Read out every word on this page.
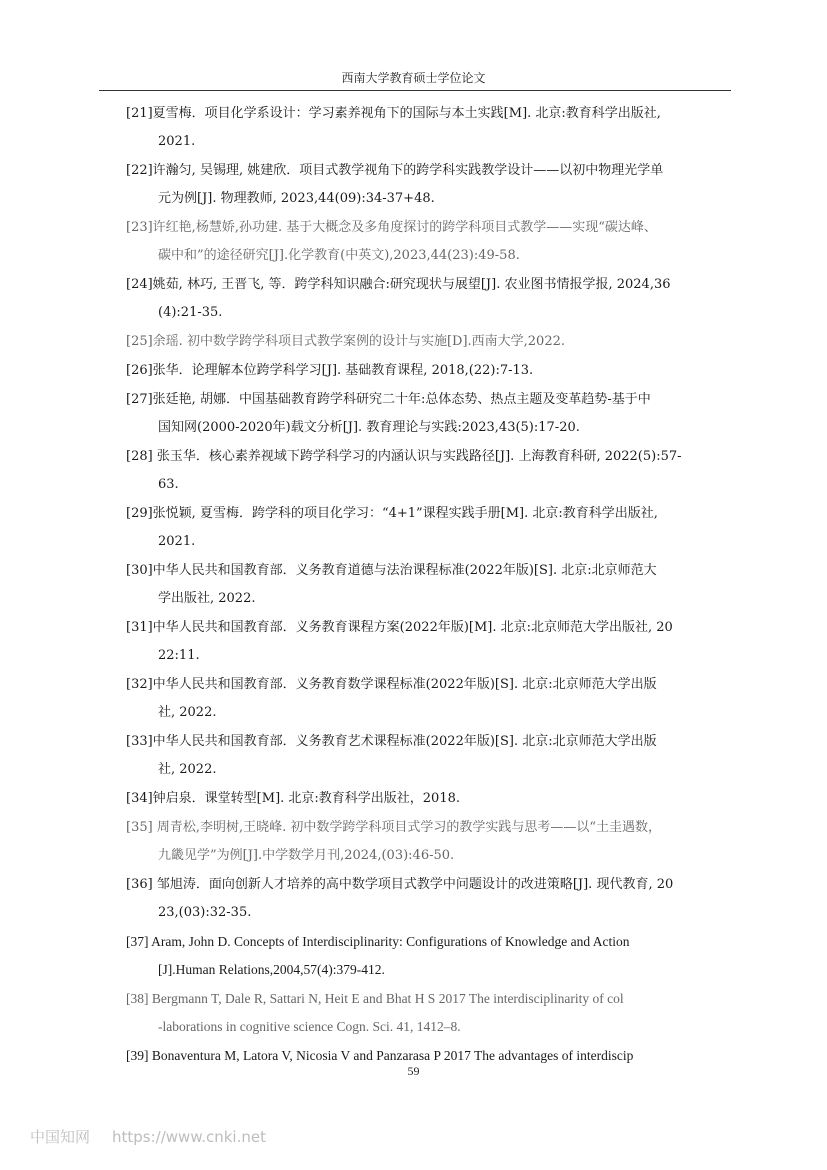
西南大学教育硕士学位论文
[21]夏雪梅．项目化学系设计：学习素养视角下的国际与本土实践[M]. 北京:教育科学出版社,
2021.
[22]许瀚匀, 吴锡理, 姚建欣．项目式教学视角下的跨学科实践教学设计——以初中物理光学单
元为例[J]. 物理教师, 2023,44(09):34-37+48.
[23]许红艳,杨慧娇,孙功建. 基于大概念及多角度探讨的跨学科项目式教学——实现“碳达峰、
碳中和”的途径研究[J].化学教育(中英文),2023,44(23):49-58.
[24]姚茹, 林巧, 王晋飞, 等．跨学科知识融合:研究现状与展望[J]. 农业图书情报学报, 2024,36
(4):21-35.
[25]余瑶. 初中数学跨学科项目式教学案例的设计与实施[D].西南大学,2022.
[26]张华．论理解本位跨学科学习[J]. 基础教育课程, 2018,(22):7-13.
[27]张廷艳, 胡娜．中国基础教育跨学科研究二十年:总体态势、热点主题及变革趋势-基于中
国知网(2000-2020年)载文分析[J]. 教育理论与实践:2023,43(5):17-20.
[28] 张玉华．核心素养视域下跨学科学习的内涵认识与实践路径[J]. 上海教育科研, 2022(5):57-
63.
[29]张悦颖, 夏雪梅．跨学科的项目化学习：“4+1”课程实践手册[M]. 北京:教育科学出版社,
2021.
[30]中华人民共和国教育部．义务教育道德与法治课程标准(2022年版)[S]. 北京:北京师范大
学出版社, 2022.
[31]中华人民共和国教育部．义务教育课程方案(2022年版)[M]. 北京:北京师范大学出版社, 20
22:11.
[32]中华人民共和国教育部．义务教育数学课程标准(2022年版)[S]. 北京:北京师范大学出版
社, 2022.
[33]中华人民共和国教育部．义务教育艺术课程标准(2022年版)[S]. 北京:北京师范大学出版
社, 2022.
[34]钟启泉．课堂转型[M]. 北京:教育科学出版社，2018.
[35] 周青松,李明树,王晓峰. 初中数学跨学科项目式学习的教学实践与思考——以“土圭遇数，
九畿见学”为例[J].中学数学月刊,2024,(03):46-50.
[36] 邹旭涛．面向创新人才培养的高中数学项目式教学中问题设计的改进策略[J]. 现代教育, 20
23,(03):32-35.
[37] Aram, John D. Concepts of Interdisciplinarity: Configurations of Knowledge and Action
[J].Human Relations,2004,57(4):379-412.
[38] Bergmann T, Dale R, Sattari N, Heit E and Bhat H S 2017 The interdisciplinarity of col
-laborations in cognitive science Cogn. Sci. 41, 1412–8.
[39] Bonaventura M, Latora V, Nicosia V and Panzarasa P 2017 The advantages of interdiscip
59
中国知网 https://www.cnki.net
